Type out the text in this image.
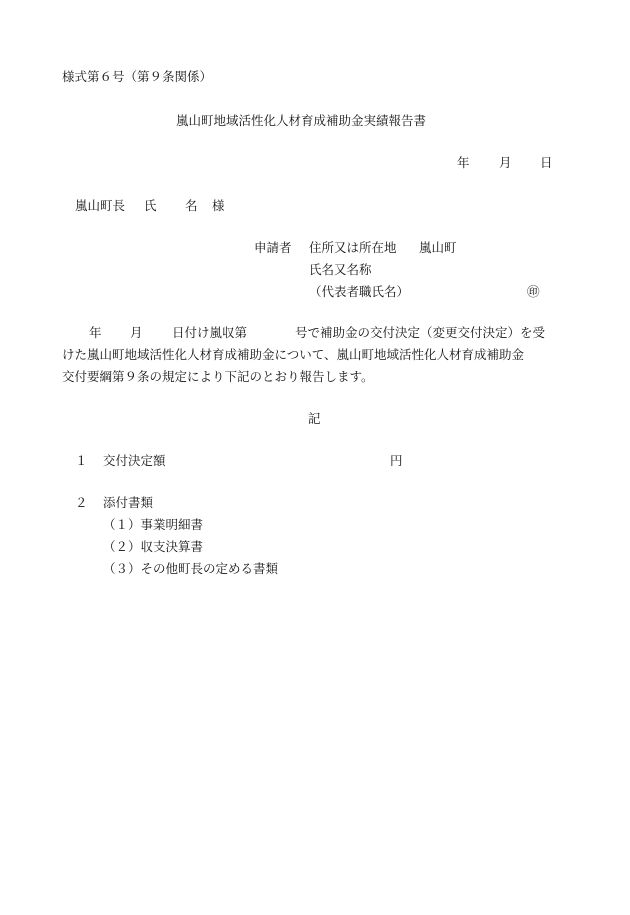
様式第６号（第９条関係）
嵐山町地域活性化人材育成補助金実績報告書
年 月 日
嵐山町長 氏 名 様
申請者 住所又は所在地 嵐山町
氏名又名称
（代表者職氏名）	㊞
年 月 日付け嵐収第	号で補助金の交付決定（変更交付決定）を受
けた嵐山町地域活性化人材育成補助金について、嵐山町地域活性化人材育成補助金
交付要綱第９条の規定により下記のとおり報告します。
記
１ 交付決定額	円
２ 添付書類
（１）事業明細書
（２）収支決算書
（３）その他町長の定める書類
